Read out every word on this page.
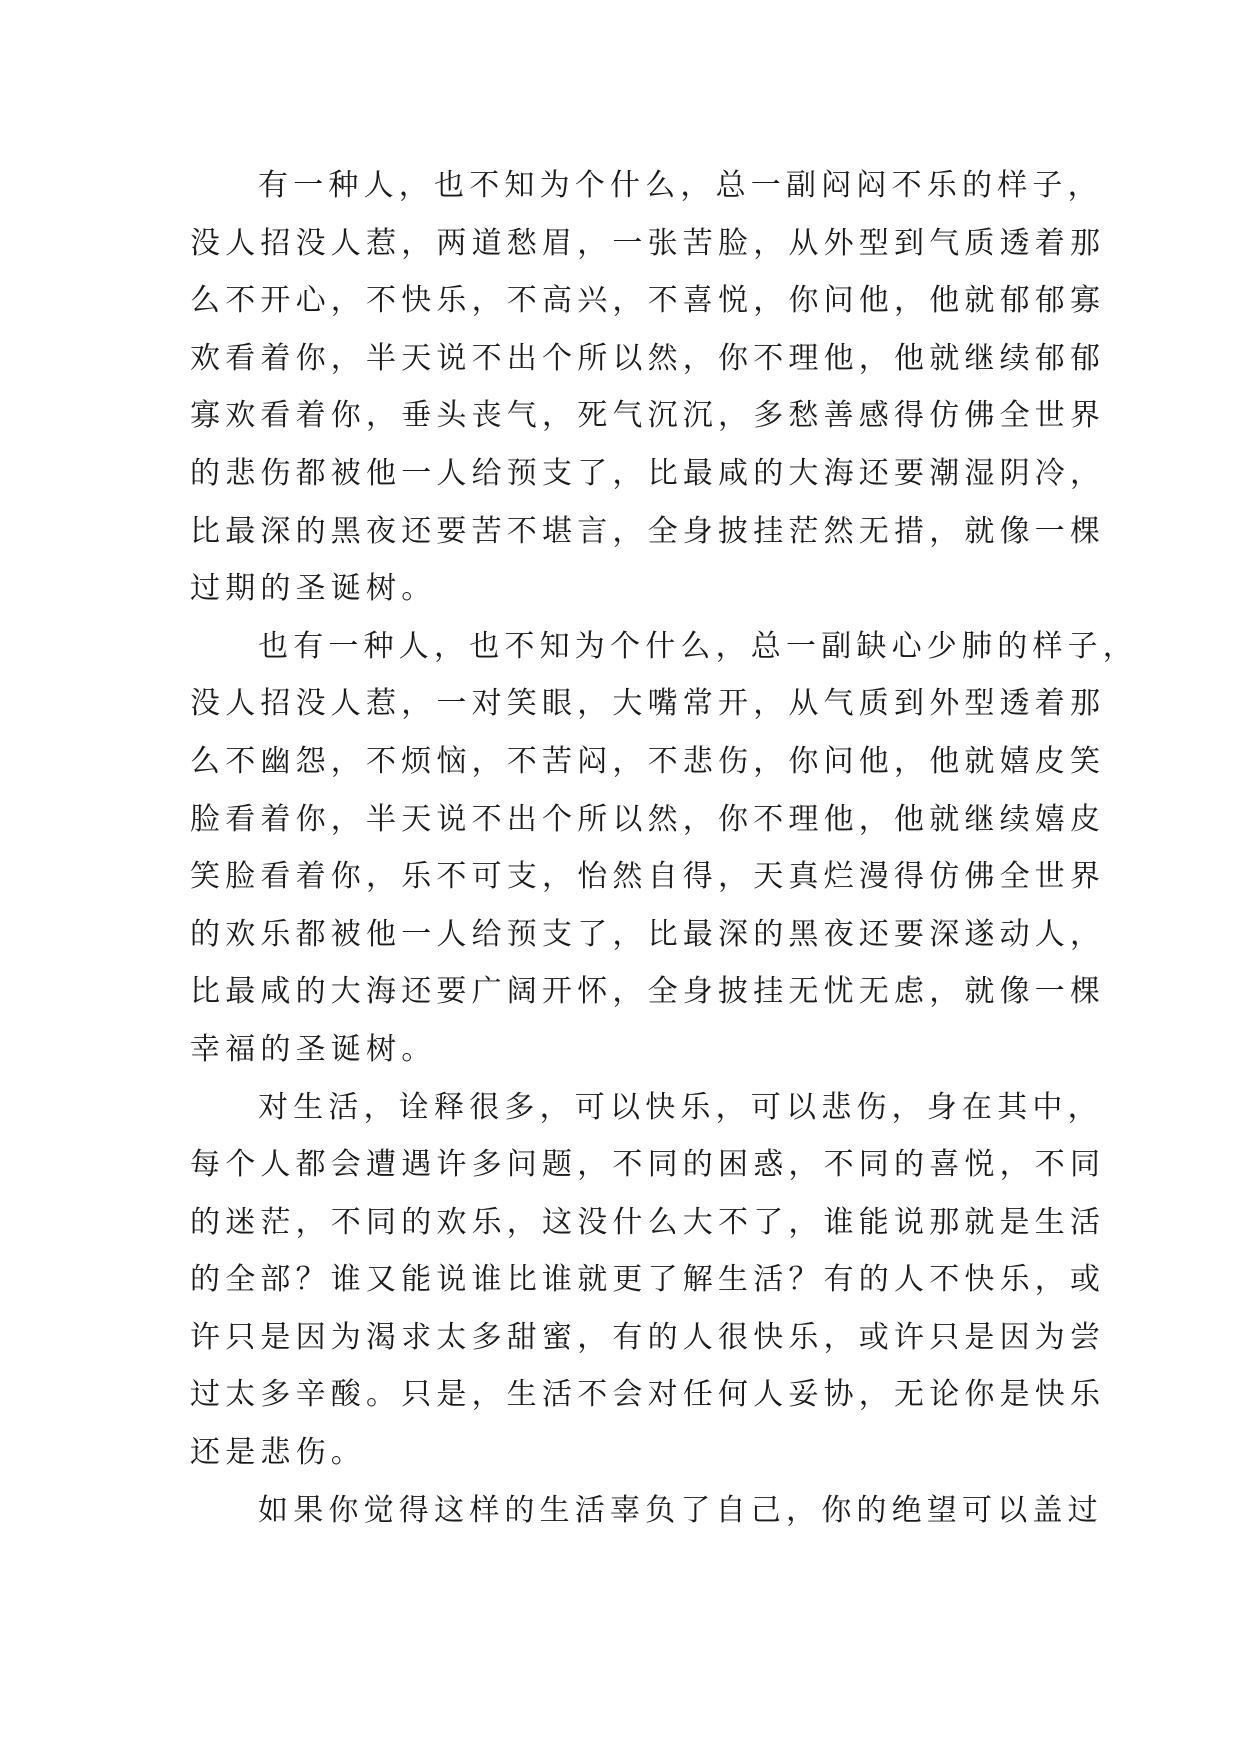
有一种人，也不知为个什么，总一副闷闷不乐的样子，
没人招没人惹，两道愁眉，一张苦脸，从外型到气质透着那
么不开心，不快乐，不高兴，不喜悦，你问他，他就郁郁寡
欢看着你，半天说不出个所以然，你不理他，他就继续郁郁
寡欢看着你，垂头丧气，死气沉沉，多愁善感得仿佛全世界
的悲伤都被他一人给预支了，比最咸的大海还要潮湿阴冷，
比最深的黑夜还要苦不堪言，全身披挂茫然无措，就像一棵
过期的圣诞树。
也有一种人，也不知为个什么，总一副缺心少肺的样子，
没人招没人惹，一对笑眼，大嘴常开，从气质到外型透着那
么不幽怨，不烦恼，不苦闷，不悲伤，你问他，他就嬉皮笑
脸看着你，半天说不出个所以然，你不理他，他就继续嬉皮
笑脸看着你，乐不可支，怡然自得，天真烂漫得仿佛全世界
的欢乐都被他一人给预支了，比最深的黑夜还要深遂动人，
比最咸的大海还要广阔开怀，全身披挂无忧无虑，就像一棵
幸福的圣诞树。
对生活，诠释很多，可以快乐，可以悲伤，身在其中，
每个人都会遭遇许多问题，不同的困惑，不同的喜悦，不同
的迷茫，不同的欢乐，这没什么大不了，谁能说那就是生活
的全部？谁又能说谁比谁就更了解生活？有的人不快乐，或
许只是因为渴求太多甜蜜，有的人很快乐，或许只是因为尝
过太多辛酸。只是，生活不会对任何人妥协，无论你是快乐
还是悲伤。
如果你觉得这样的生活辜负了自己，你的绝望可以盖过
